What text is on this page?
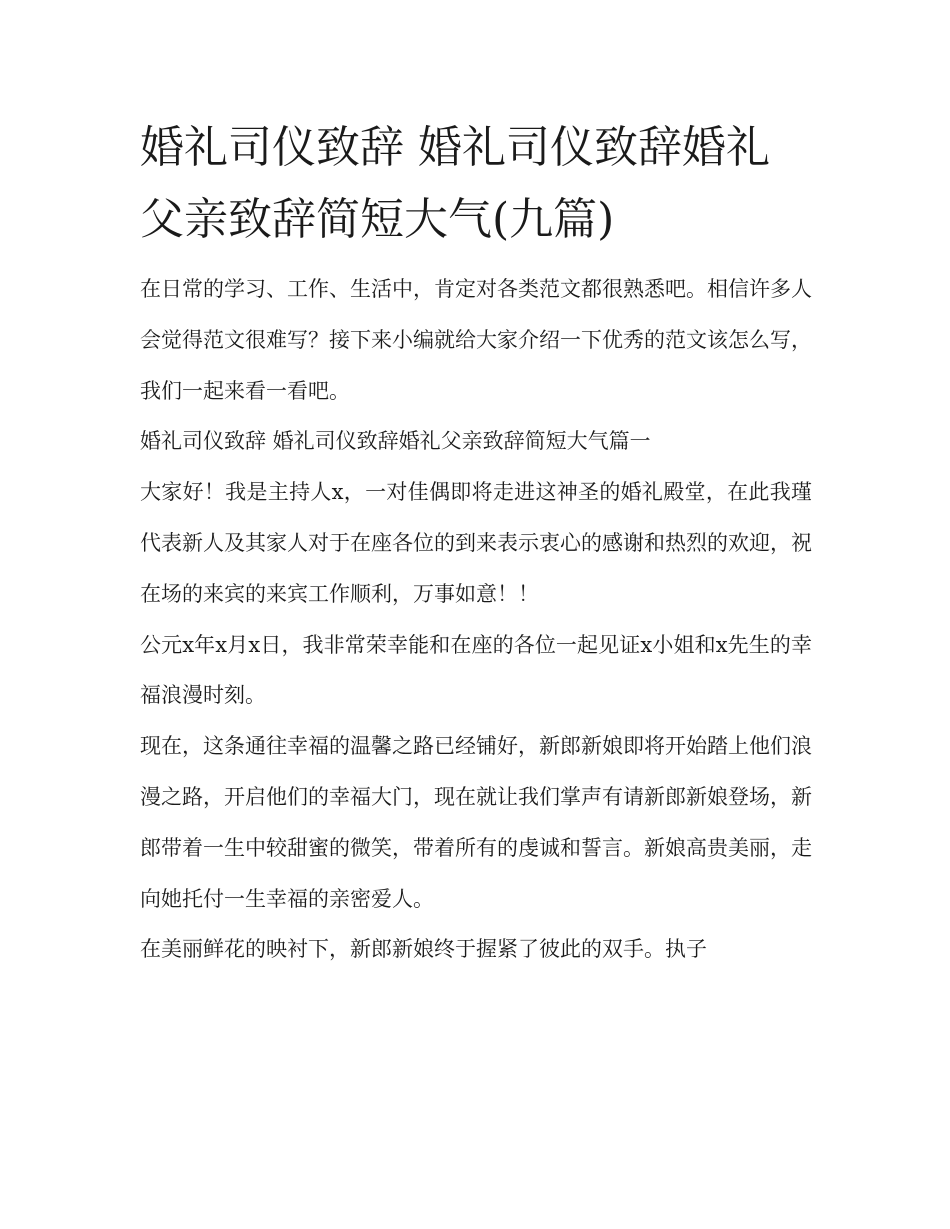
婚礼司仪致辞 婚礼司仪致辞婚礼父亲致辞简短大气(九篇)

在日常的学习、工作、生活中，肯定对各类范文都很熟悉吧。相信许多人会觉得范文很难写？接下来小编就给大家介绍一下优秀的范文该怎么写，我们一起来看一看吧。

婚礼司仪致辞 婚礼司仪致辞婚礼父亲致辞简短大气篇一

大家好！我是主持人x，一对佳偶即将走进这神圣的婚礼殿堂，在此我瑾代表新人及其家人对于在座各位的到来表示衷心的感谢和热烈的欢迎，祝在场的来宾的来宾工作顺利，万事如意！！

公元x年x月x日，我非常荣幸能和在座的各位一起见证x小姐和x先生的幸福浪漫时刻。

现在，这条通往幸福的温馨之路已经铺好，新郎新娘即将开始踏上他们浪漫之路，开启他们的幸福大门，现在就让我们掌声有请新郎新娘登场，新郎带着一生中较甜蜜的微笑，带着所有的虔诚和誓言。新娘高贵美丽，走向她托付一生幸福的亲密爱人。

在美丽鲜花的映衬下，新郎新娘终于握紧了彼此的双手。执子
